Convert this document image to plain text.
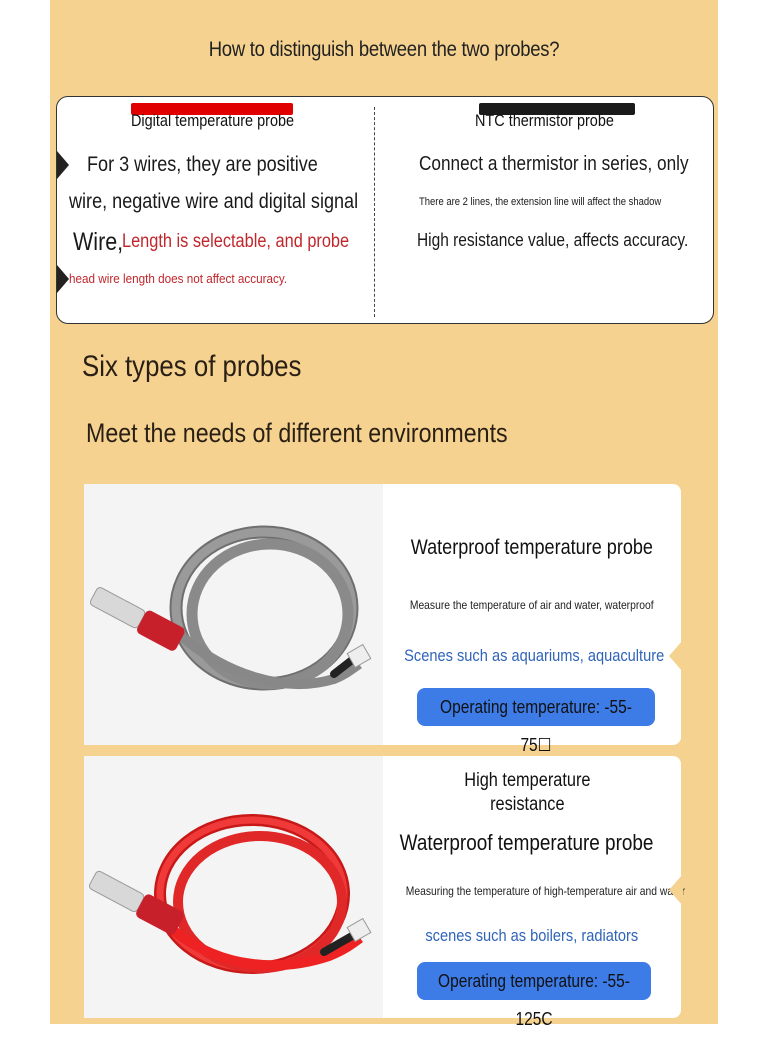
How to distinguish between the two probes?
Digital temperature probe	NTC thermistor probe
For 3 wires, they are positive
wire, negative wire and digital signal
Wire,
Length is selectable, and probe
head wire length does not affect accuracy.
Connect a thermistor in series, only
There are 2 lines, the extension line will affect the shadow
High resistance value, affects accuracy.
Six types of probes
Meet the needs of different environments
Waterproof temperature probe
Measure the temperature of air and water, waterproof
Scenes such as aquariums, aquaculture
Operating temperature: -55-75☐
High temperature
resistance
Waterproof temperature probe
Measuring the temperature of high-temperature air and water
scenes such as boilers, radiators
Operating temperature: -55-125C
